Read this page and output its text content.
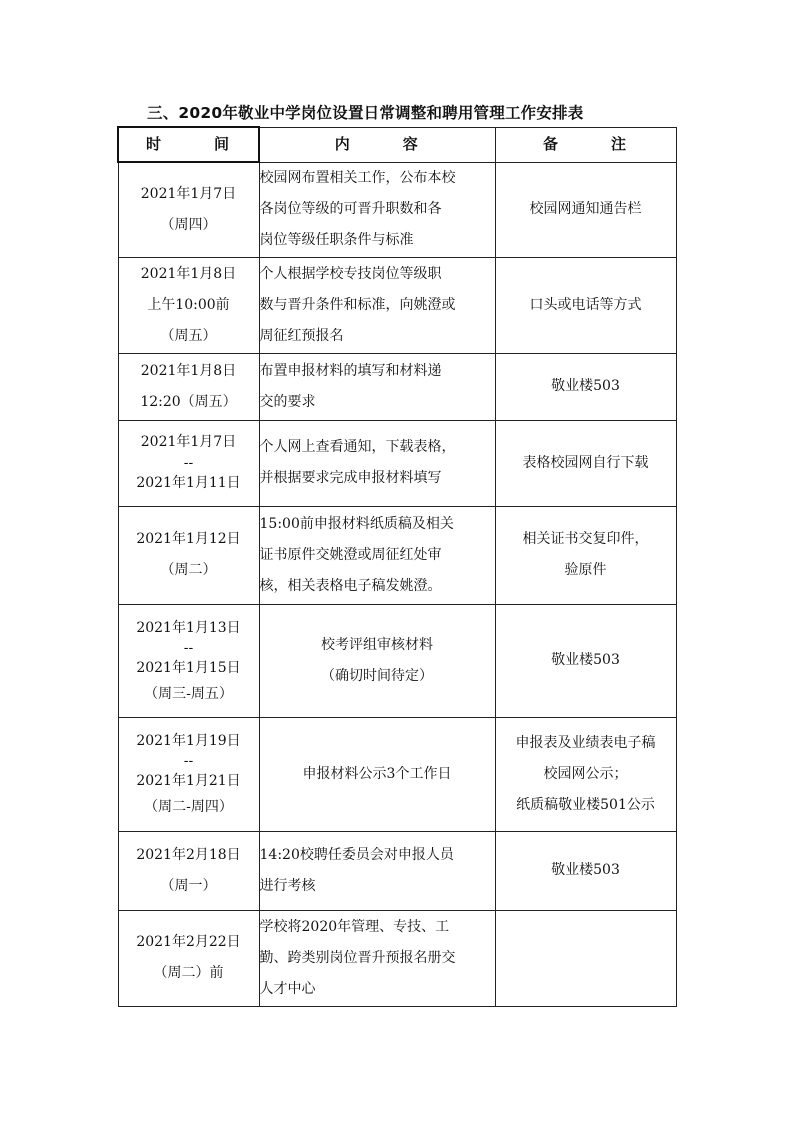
三、2020年敬业中学岗位设置日常调整和聘用管理工作安排表
时　　　间	内　　　容	备　　　注

2021年1月7日
（周四）	校园网布置相关工作，公布本校
各岗位等级的可晋升职数和各
岗位等级任职条件与标准	校园网通知通告栏

2021年1月8日
上午10:00前
（周五）	个人根据学校专技岗位等级职
数与晋升条件和标准，向姚澄或
周征红预报名	口头或电话等方式

2021年1月8日
12:20（周五）	布置申报材料的填写和材料递
交的要求	敬业楼503

2021年1月7日
--
2021年1月11日	个人网上查看通知，下载表格，
并根据要求完成申报材料填写	表格校园网自行下载

2021年1月12日
（周二）	15:00前申报材料纸质稿及相关
证书原件交姚澄或周征红处审
核，相关表格电子稿发姚澄。	相关证书交复印件，
验原件

2021年1月13日
--
2021年1月15日
（周三-周五）	校考评组审核材料
（确切时间待定）	敬业楼503

2021年1月19日
--
2021年1月21日
（周二-周四）	申报材料公示3个工作日	申报表及业绩表电子稿
校园网公示；
纸质稿敬业楼501公示

2021年2月18日
（周一）	14:20校聘任委员会对申报人员
进行考核	敬业楼503

2021年2月22日
（周二）前	学校将2020年管理、专技、工
勤、跨类别岗位晋升预报名册交
人才中心	
